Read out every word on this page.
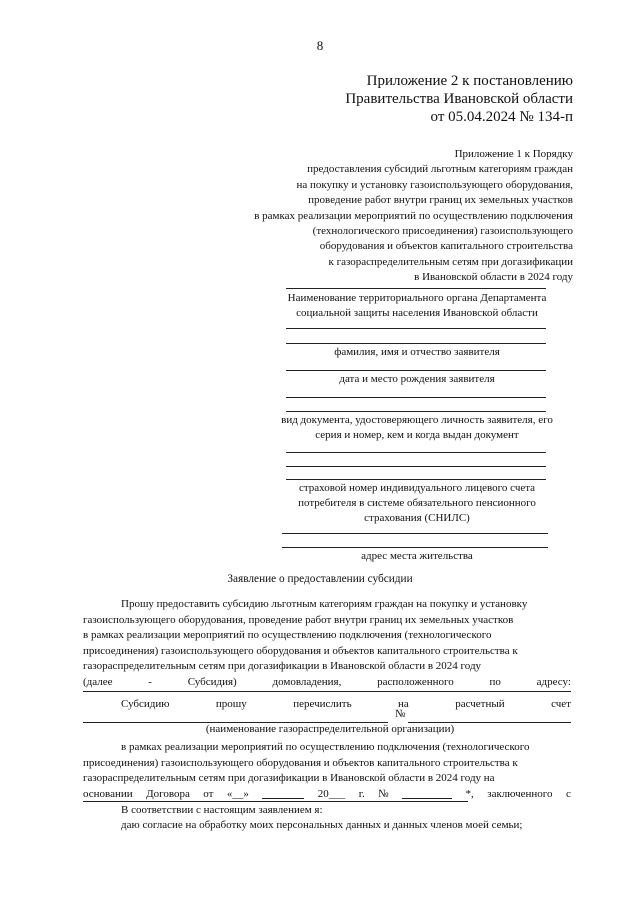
8
Приложение 2 к постановлению
Правительства Ивановской области
от 05.04.2024 № 134-п
Приложение 1 к Порядку
предоставления субсидий льготным категориям граждан
на покупку и установку газоиспользующего оборудования,
проведение работ внутри границ их земельных участков
в рамках реализации мероприятий по осуществлению подключения
(технологического присоединения) газоиспользующего
оборудования и объектов капитального строительства
к газораспределительным сетям при догазификации
в Ивановской области в 2024 году
Наименование территориального органа Департамента
социальной защиты населения Ивановской области
фамилия, имя и отчество заявителя
дата и место рождения заявителя
вид документа, удостоверяющего личность заявителя, его
серия и номер, кем и когда выдан документ
страховой номер индивидуального лицевого счета
потребителя в системе обязательного пенсионного
страхования (СНИЛС)
адрес места жительства
Заявление о предоставлении субсидии
Прошу предоставить субсидию льготным категориям граждан на покупку и установку
газоиспользующего оборудования, проведение работ внутри границ их земельных участков
в рамках реализации мероприятий по осуществлению подключения (технологического
присоединения) газоиспользующего оборудования и объектов капитального строительства к
газораспределительным сетям при догазификации в Ивановской области в 2024 году
(далее	-	Субсидия)	домовладения,	расположенного	по	адресу:
Субсидию	прошу	перечислить	на	расчетный	счет
№
(наименование газораспределительной организации)
в рамках реализации мероприятий по осуществлению подключения (технологического
присоединения) газоиспользующего оборудования и объектов капитального строительства к
газораспределительным сетям при догазификации в Ивановской области в 2024 году на
основании Договора от «__»	20___ г. №	*, заключенного с
В соответствии с настоящим заявлением я:
даю согласие на обработку моих персональных данных и данных членов моей семьи;
